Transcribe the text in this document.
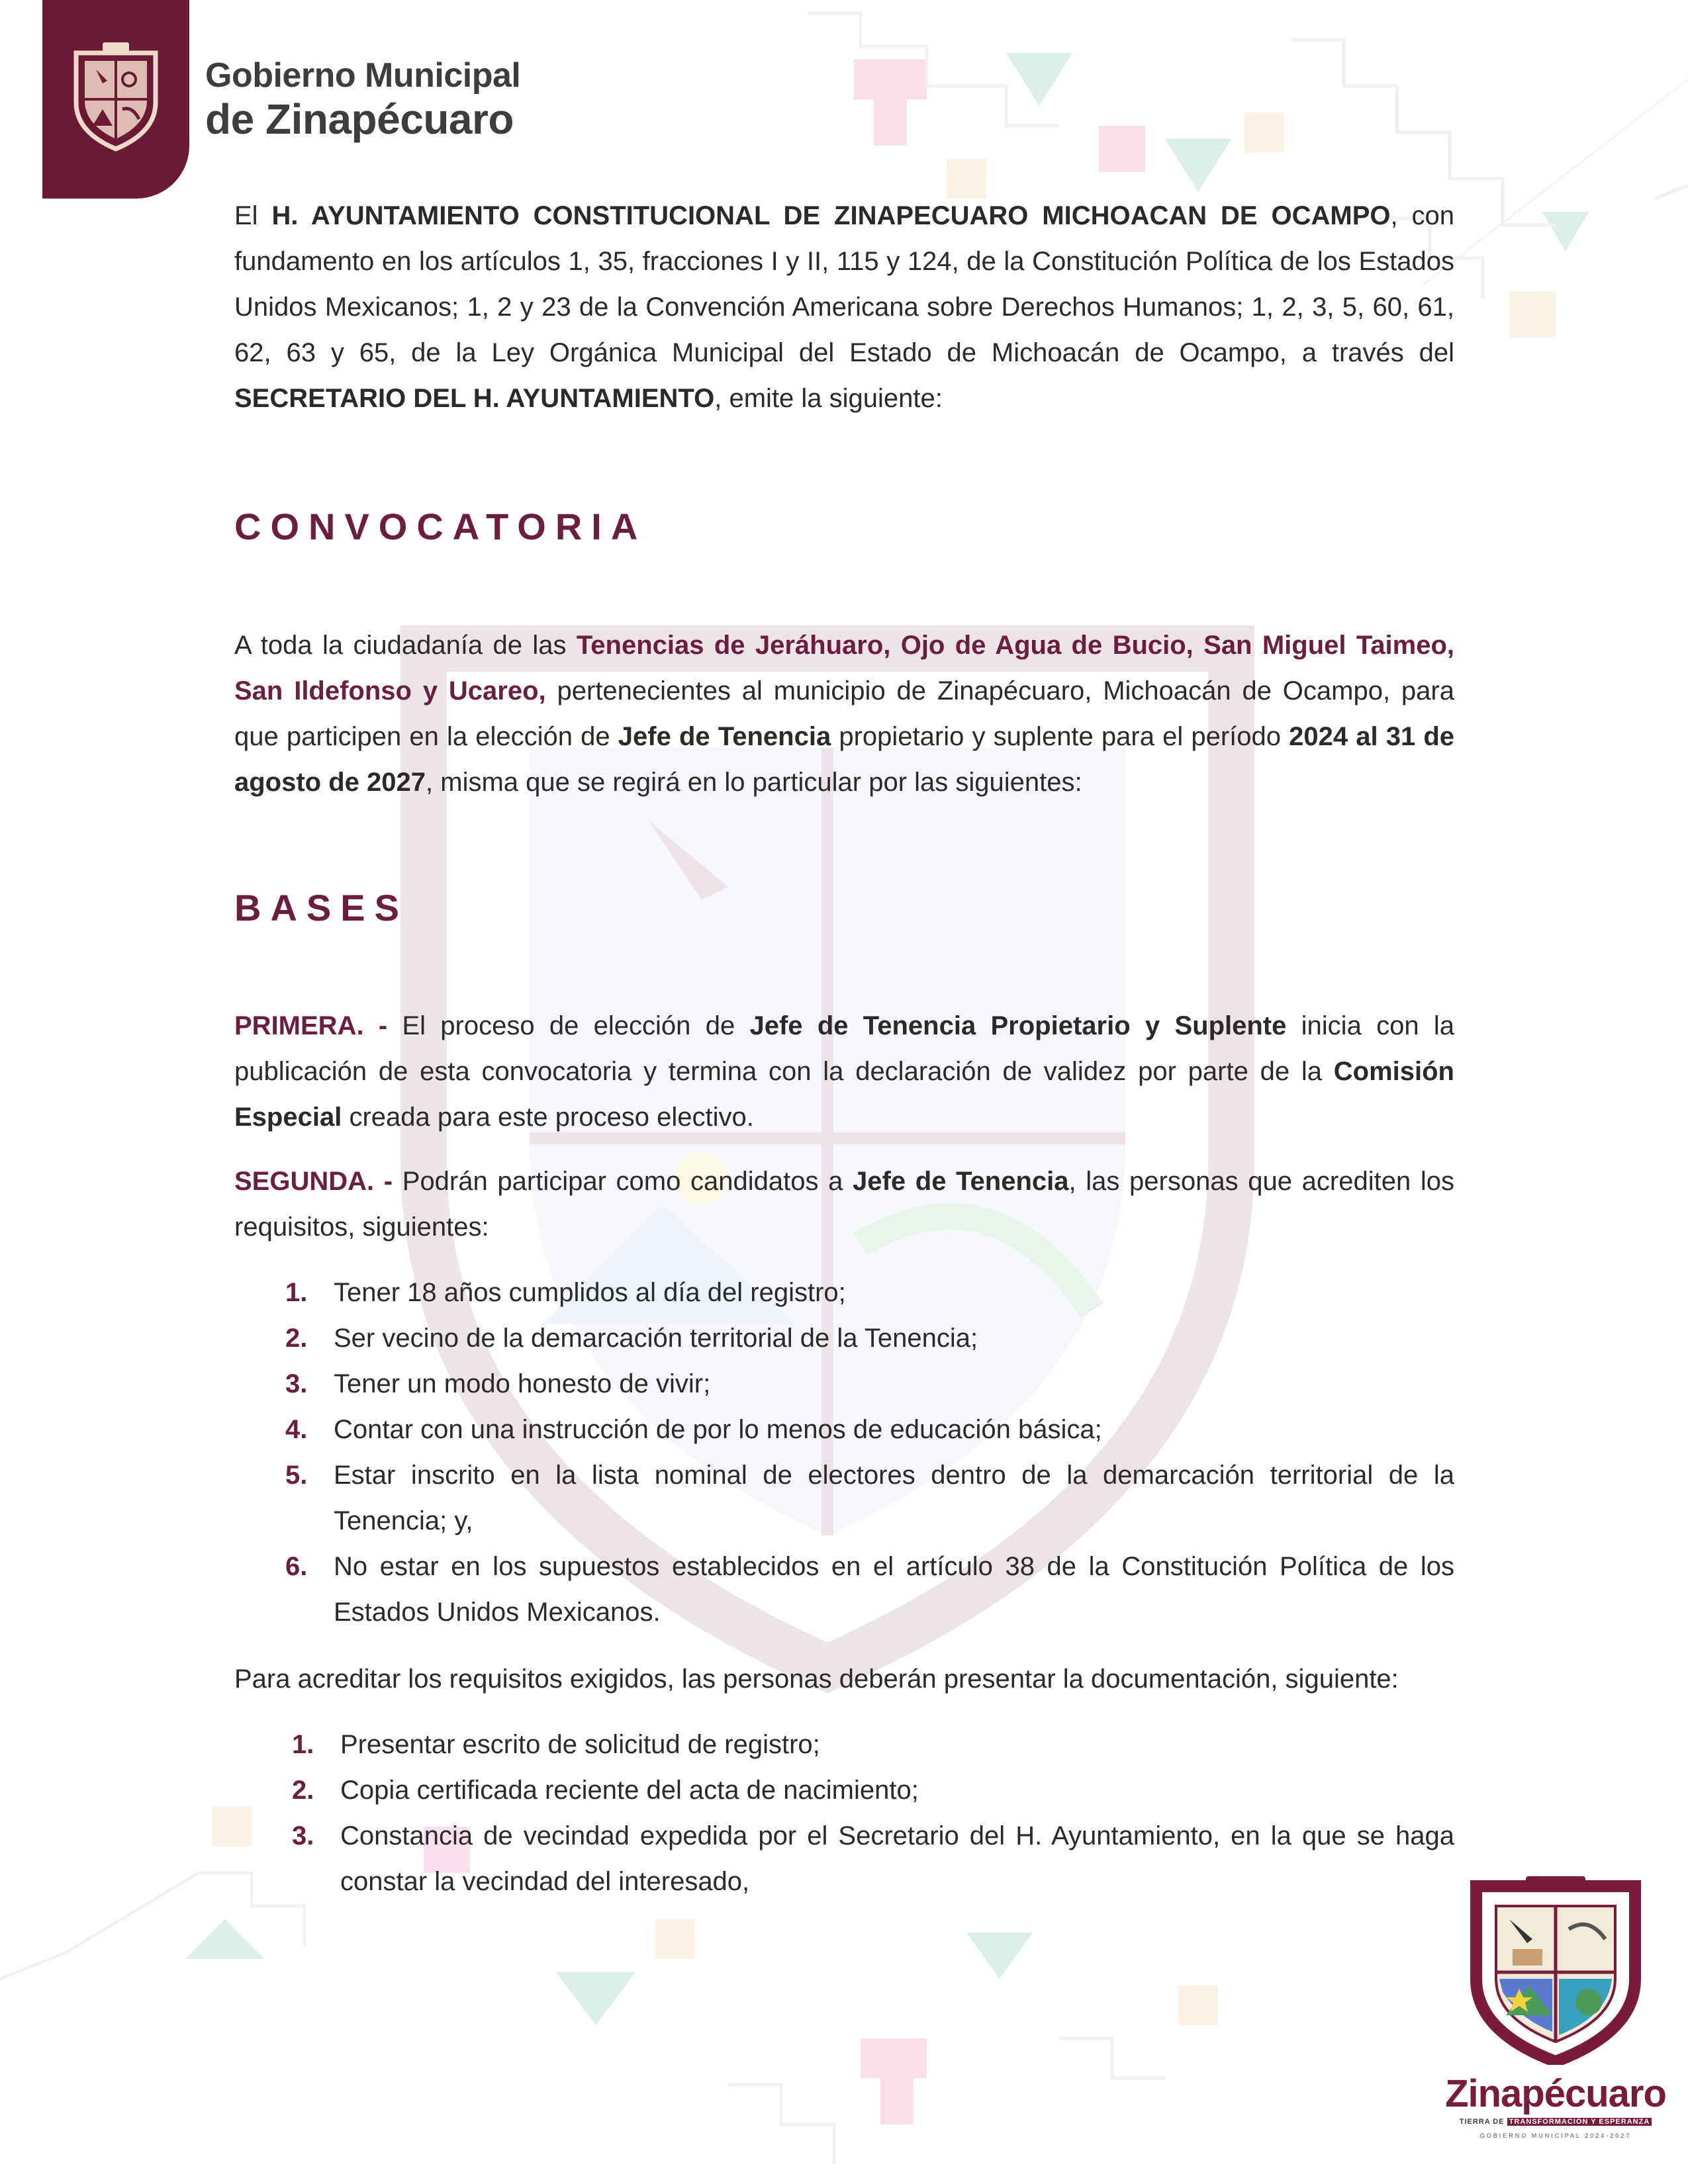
Gobierno Municipal
de Zinapécuaro

El H. AYUNTAMIENTO CONSTITUCIONAL DE ZINAPECUARO MICHOACAN DE OCAMPO, con fundamento en los artículos 1, 35, fracciones I y II, 115 y 124, de la Constitución Política de los Estados Unidos Mexicanos; 1, 2 y 23 de la Convención Americana sobre Derechos Humanos; 1, 2, 3, 5, 60, 61, 62, 63 y 65, de la Ley Orgánica Municipal del Estado de Michoacán de Ocampo, a través del SECRETARIO DEL H. AYUNTAMIENTO, emite la siguiente:

CONVOCATORIA

A toda la ciudadanía de las Tenencias de Jeráhuaro, Ojo de Agua de Bucio, San Miguel Taimeo, San Ildefonso y Ucareo, pertenecientes al municipio de Zinapécuaro, Michoacán de Ocampo, para que participen en la elección de Jefe de Tenencia propietario y suplente para el período 2024 al 31 de agosto de 2027, misma que se regirá en lo particular por las siguientes:

BASES

PRIMERA. - El proceso de elección de Jefe de Tenencia Propietario y Suplente inicia con la publicación de esta convocatoria y termina con la declaración de validez por parte de la Comisión Especial creada para este proceso electivo.

SEGUNDA. - Podrán participar como candidatos a Jefe de Tenencia, las personas que acrediten los requisitos, siguientes:

1. Tener 18 años cumplidos al día del registro;
2. Ser vecino de la demarcación territorial de la Tenencia;
3. Tener un modo honesto de vivir;
4. Contar con una instrucción de por lo menos de educación básica;
5. Estar inscrito en la lista nominal de electores dentro de la demarcación territorial de la Tenencia; y,
6. No estar en los supuestos establecidos en el artículo 38 de la Constitución Política de los Estados Unidos Mexicanos.

Para acreditar los requisitos exigidos, las personas deberán presentar la documentación, siguiente:

1. Presentar escrito de solicitud de registro;
2. Copia certificada reciente del acta de nacimiento;
3. Constancia de vecindad expedida por el Secretario del H. Ayuntamiento, en la que se haga constar la vecindad del interesado,
Zinapécuaro
TIERRA DE TRANSFORMACIÓN Y ESPERANZA
GOBIERNO MUNICIPAL 2024-2027
